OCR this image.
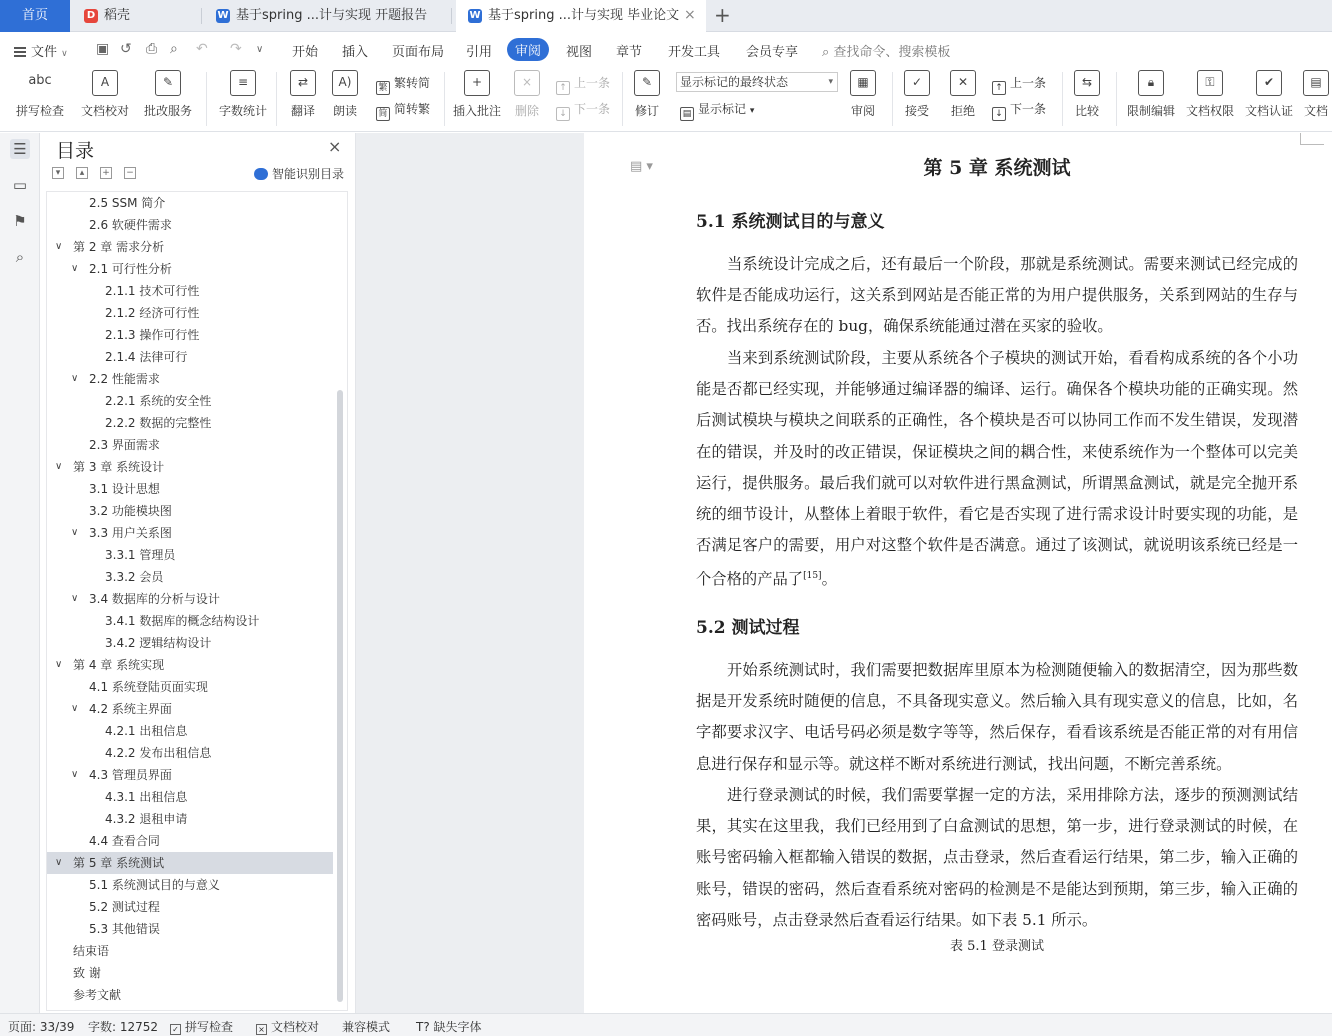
首页	D 稻壳	W 基于spring ...计与实现 开题报告	W 基于spring ...计与实现 毕业论文 × +
文件 ∨ ▣ ↺ ⎙ ⌕ ↶ ↷ ∨ 开始 插入 页面布局 引用	审阅	视图 章节 开发工具 会员专享 ⌕ 查找命令、搜索模板
abc
拼写检查
A
文档校对
✎
批改服务
≡
字数统计
⇄
翻译
A)
朗读
繁 繁转简
简 简转繁
+
插入批注
×
删除
↑ 上一条
↓ 下一条
✎
修订
显示标记的最终状态	▾
▤ 显示标记 ▾
▦
审阅
✓
接受
✕
拒绝
↑ 上一条
↓ 下一条
⇆
比较
🔒︎
限制编辑
⚿
文档权限
✔
文档认证
▤
文档
☰
▭
⚑
⌕
目录	×
▾	▴	+ −	智能识别目录
2.5 SSM 简介
2.6 软硬件需求
∨ 第 2 章 需求分析
∨ 2.1 可行性分析
2.1.1 技术可行性
2.1.2 经济可行性
2.1.3 操作可行性
2.1.4 法律可行
∨ 2.2 性能需求
2.2.1 系统的安全性
2.2.2 数据的完整性
2.3 界面需求
∨ 第 3 章 系统设计
3.1 设计思想
3.2 功能模块图
∨ 3.3 用户关系图
3.3.1 管理员
3.3.2 会员
∨ 3.4 数据库的分析与设计
3.4.1 数据库的概念结构设计
3.4.2 逻辑结构设计
∨ 第 4 章 系统实现
4.1 系统登陆页面实现
∨ 4.2 系统主界面
4.2.1 出租信息
4.2.2 发布出租信息
∨ 4.3 管理员界面
4.3.1 出租信息
4.3.2 退租申请
4.4 查看合同
∨ 第 5 章 系统测试
5.1 系统测试目的与意义
5.2 测试过程
5.3 其他错误
结束语
致 谢
参考文献
▤ ▾	第 5 章 系统测试
5.1 系统测试目的与意义
当系统设计完成之后，还有最后一个阶段，那就是系统测试。需要来测试已经完成的软件是否能成功运行，这关系到网站是否能正常的为用户提供服务，关系到网站的生存与否。找出系统存在的 bug，确保系统能通过潜在买家的验收。
当来到系统测试阶段，主要从系统各个子模块的测试开始，看看构成系统的各个小功能是否都已经实现，并能够通过编译器的编译、运行。确保各个模块功能的正确实现。然后测试模块与模块之间联系的正确性，各个模块是否可以协同工作而不发生错误，发现潜在的错误，并及时的改正错误，保证模块之间的耦合性，来使系统作为一个整体可以完美运行，提供服务。最后我们就可以对软件进行黑盒测试，所谓黑盒测试，就是完全抛开系统的细节设计，从整体上着眼于软件，看它是否实现了进行需求设计时要实现的功能，是否满足客户的需要，用户对这整个软件是否满意。通过了该测试，就说明该系统已经是一个合格的产品了[15]。
5.2 测试过程
开始系统测试时，我们需要把数据库里原本为检测随便输入的数据清空，因为那些数据是开发系统时随便的信息，不具备现实意义。然后输入具有现实意义的信息，比如，名字都要求汉字、电话号码必须是数字等等，然后保存，看看该系统是否能正常的对有用信息进行保存和显示等。就这样不断对系统进行测试，找出问题，不断完善系统。
进行登录测试的时候，我们需要掌握一定的方法，采用排除方法，逐步的预测测试结果，其实在这里我，我们已经用到了白盒测试的思想，第一步，进行登录测试的时候，在账号密码输入框都输入错误的数据，点击登录，然后查看运行结果，第二步，输入正确的账号，错误的密码，然后查看系统对密码的检测是不是能达到预期，第三步，输入正确的密码账号，点击登录然后查看运行结果。如下表 5.1 所示。
表 5.1 登录测试
页面: 33/39 字数: 12752 ✓ 拼写检查	× 文档校对 兼容模式 T? 缺失字体
